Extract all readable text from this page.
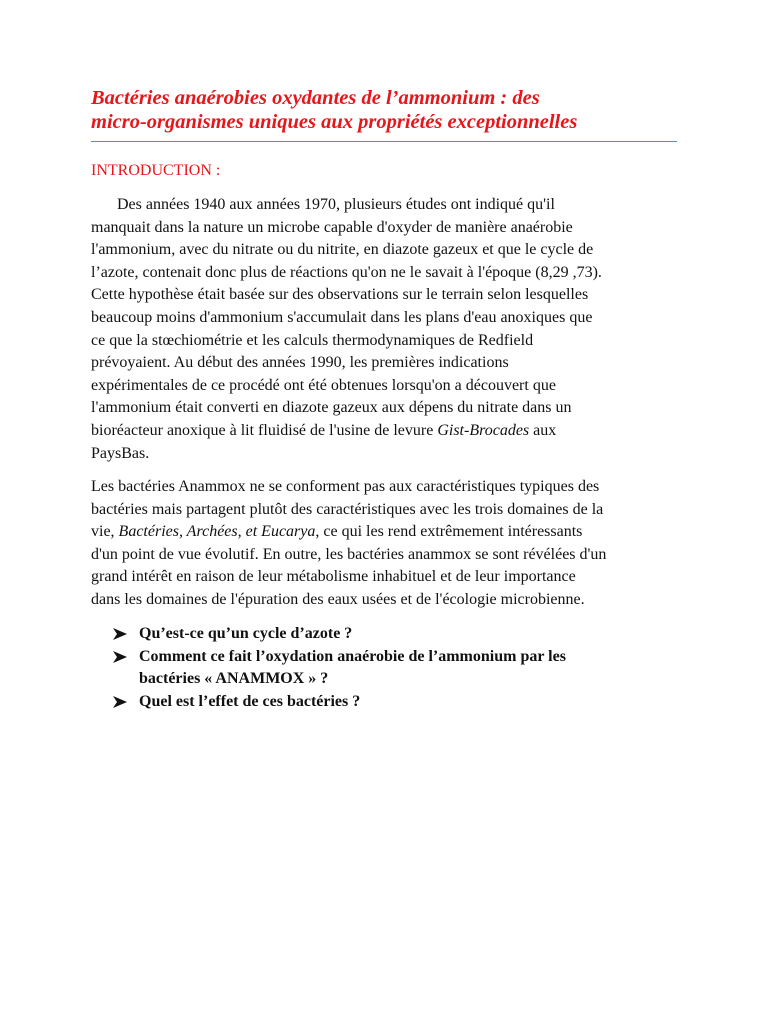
Bactéries anaérobies oxydantes de l’ammonium : des
micro-organismes uniques aux propriétés exceptionnelles
INTRODUCTION :

Des années 1940 aux années 1970, plusieurs études ont indiqué qu'il
manquait dans la nature un microbe capable d'oxyder de manière anaérobie
l'ammonium, avec du nitrate ou du nitrite, en diazote gazeux et que le cycle de
l’azote, contenait donc plus de réactions qu'on ne le savait à l'époque (8,29 ,73).
Cette hypothèse était basée sur des observations sur le terrain selon lesquelles
beaucoup moins d'ammonium s'accumulait dans les plans d'eau anoxiques que
ce que la stœchiométrie et les calculs thermodynamiques de Redfield
prévoyaient. Au début des années 1990, les premières indications
expérimentales de ce procédé ont été obtenues lorsqu'on a découvert que
l'ammonium était converti en diazote gazeux aux dépens du nitrate dans un
bioréacteur anoxique à lit fluidisé de l'usine de levure Gist-Brocades aux
PaysBas.

Les bactéries Anammox ne se conforment pas aux caractéristiques typiques des
bactéries mais partagent plutôt des caractéristiques avec les trois domaines de la
vie, Bactéries, Archées, et Eucarya, ce qui les rend extrêmement intéressants
d'un point de vue évolutif. En outre, les bactéries anammox se sont révélées d'un
grand intérêt en raison de leur métabolisme inhabituel et de leur importance
dans les domaines de l'épuration des eaux usées et de l'écologie microbienne.

Qu’est-ce qu’un cycle d’azote ?
Comment ce fait l’oxydation anaérobie de l’ammonium par les
bactéries « ANAMMOX » ?
Quel est l’effet de ces bactéries ?
